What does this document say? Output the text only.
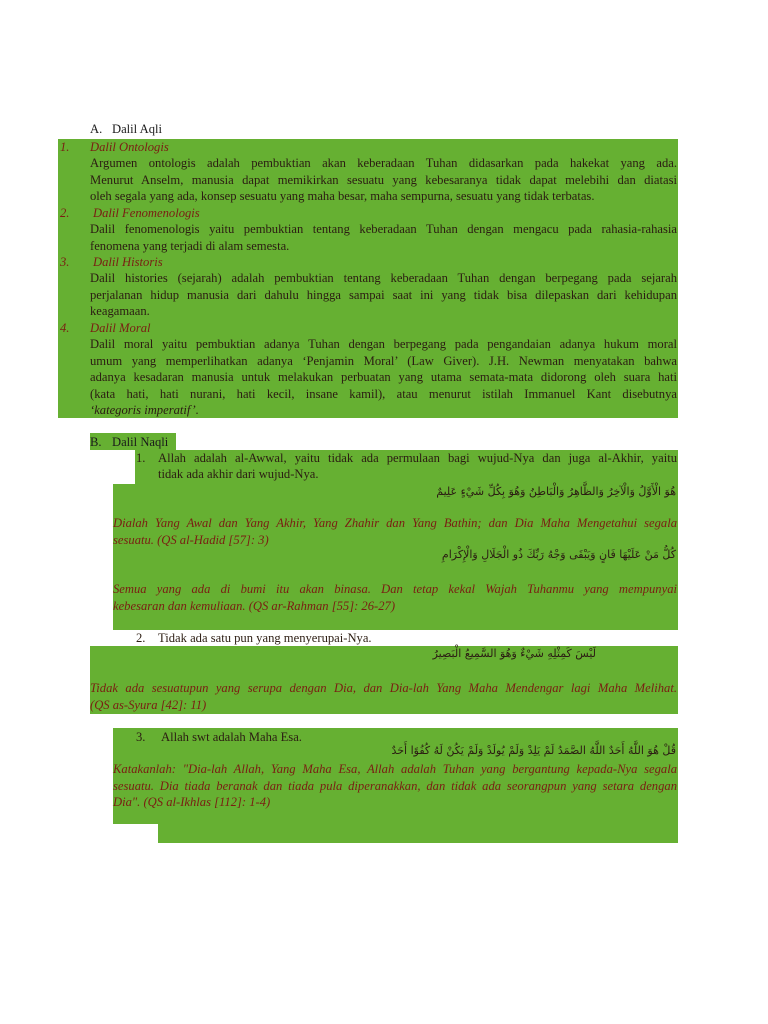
A. Dalil Aqli
1. Dalil Ontologis
Argumen ontologis adalah pembuktian akan keberadaan Tuhan didasarkan pada hakekat yang ada.
Menurut Anselm, manusia dapat memikirkan sesuatu yang kebesaranya tidak dapat melebihi dan diatasi
oleh segala yang ada, konsep sesuatu yang maha besar, maha sempurna, sesuatu yang tidak terbatas.
2. Dalil Fenomenologis
Dalil fenomenologis yaitu pembuktian tentang keberadaan Tuhan dengan mengacu pada rahasia-rahasia
fenomena yang terjadi di alam semesta.
3. Dalil Historis
Dalil histories (sejarah) adalah pembuktian tentang keberadaan Tuhan dengan berpegang pada sejarah
perjalanan hidup manusia dari dahulu hingga sampai saat ini yang tidak bisa dilepaskan dari kehidupan
keagamaan.
4. Dalil Moral
Dalil moral yaitu pembuktian adanya Tuhan dengan berpegang pada pengandaian adanya hukum moral
umum yang memperlihatkan adanya ‘Penjamin Moral’ (Law Giver). J.H. Newman menyatakan bahwa
adanya kesadaran manusia untuk melakukan perbuatan yang utama semata-mata didorong oleh suara hati
(kata hati, hati nurani, hati kecil, insane kamil), atau menurut istilah Immanuel Kant disebutnya
‘kategoris imperatif’.
B. Dalil Naqli
1. Allah adalah al-Awwal, yaitu tidak ada permulaan bagi wujud-Nya dan juga al-Akhir, yaitu
tidak ada akhir dari wujud-Nya.
هُوَ الْأَوَّلُ وَالْآخِرُ وَالظَّاهِرُ وَالْبَاطِنُ وَهُوَ بِكُلِّ شَيْءٍ عَلِيمٌ
Dialah Yang Awal dan Yang Akhir, Yang Zhahir dan Yang Bathin; dan Dia Maha Mengetahui segala
sesuatu. (QS al-Hadid [57]: 3)
كُلُّ مَنْ عَلَيْهَا فَانٍ وَيَبْقَى وَجْهُ رَبِّكَ ذُو الْجَلَالِ وَالْإِكْرَامِ
Semua yang ada di bumi itu akan binasa. Dan tetap kekal Wajah Tuhanmu yang mempunyai
kebesaran dan kemuliaan. (QS ar-Rahman [55]: 26-27)
2. Tidak ada satu pun yang menyerupai-Nya.
لَيْسَ كَمِثْلِهِ شَيْءٌ وَهُوَ السَّمِيعُ الْبَصِيرُ
Tidak ada sesuatupun yang serupa dengan Dia, dan Dia-lah Yang Maha Mendengar lagi Maha Melihat.
(QS as-Syura [42]: 11)
3. Allah swt adalah Maha Esa.
قُلْ هُوَ اللَّهُ أَحَدٌ اللَّهُ الصَّمَدُ لَمْ يَلِدْ وَلَمْ يُولَدْ وَلَمْ يَكُنْ لَهُ كُفُوًا أَحَدٌ
Katakanlah: "Dia-lah Allah, Yang Maha Esa, Allah adalah Tuhan yang bergantung kepada-Nya segala
sesuatu. Dia tiada beranak dan tiada pula diperanakkan, dan tidak ada seorangpun yang setara dengan
Dia". (QS al-Ikhlas [112]: 1-4)
